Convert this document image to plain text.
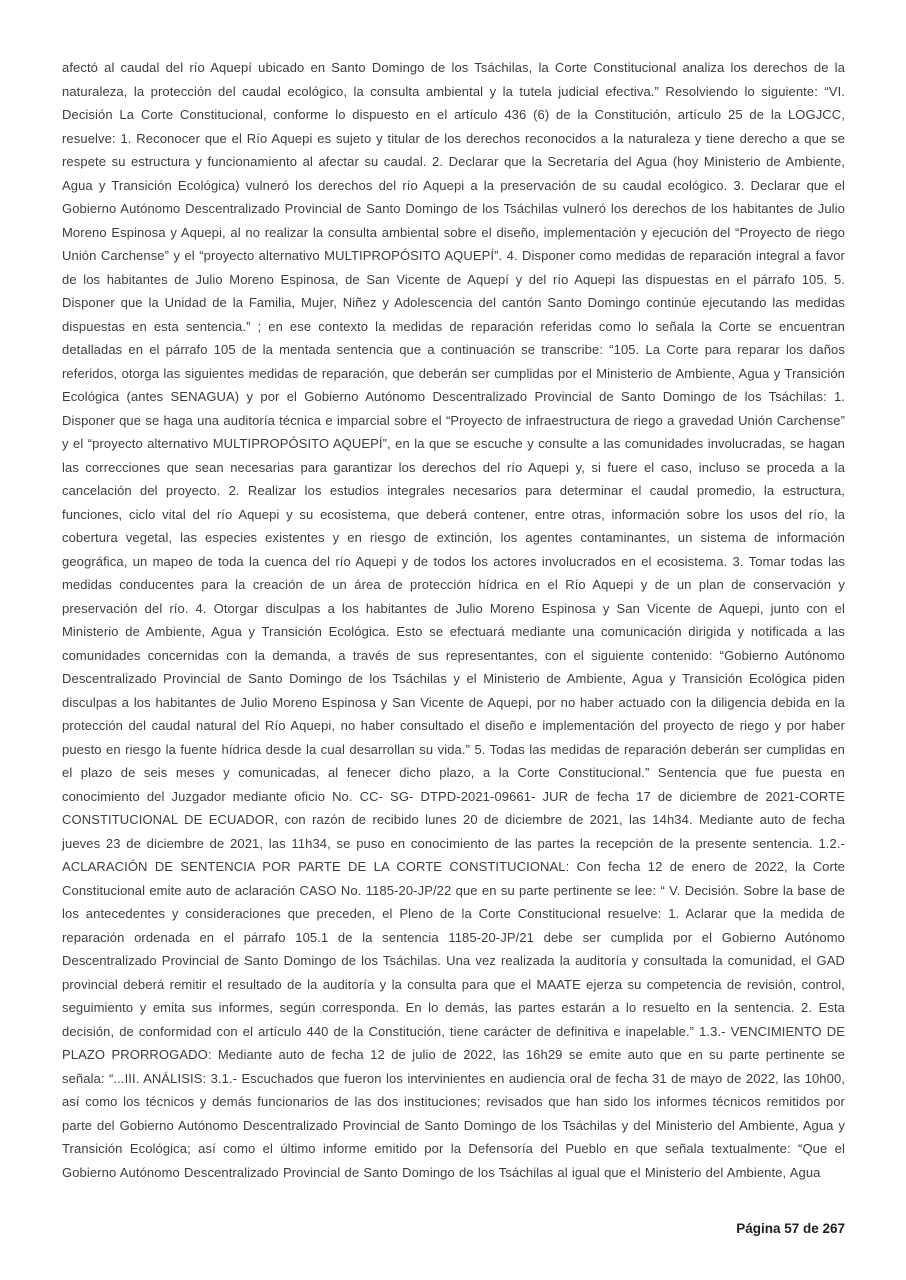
afectó al caudal del río Aquepí ubicado en Santo Domingo de los Tsáchilas, la Corte Constitucional analiza los derechos de la naturaleza, la protección del caudal ecológico, la consulta ambiental y la tutela judicial efectiva.” Resolviendo lo siguiente: “VI. Decisión La Corte Constitucional, conforme lo dispuesto en el artículo 436 (6) de la Constitución, artículo 25 de la LOGJCC, resuelve: 1. Reconocer que el Río Aquepi es sujeto y titular de los derechos reconocidos a la naturaleza y tiene derecho a que se respete su estructura y funcionamiento al afectar su caudal. 2. Declarar que la Secretaría del Agua (hoy Ministerio de Ambiente, Agua y Transición Ecológica) vulneró los derechos del río Aquepi a la preservación de su caudal ecológico. 3. Declarar que el Gobierno Autónomo Descentralizado Provincial de Santo Domingo de los Tsáchilas vulneró los derechos de los habitantes de Julio Moreno Espinosa y Aquepi, al no realizar la consulta ambiental sobre el diseño, implementación y ejecución del “Proyecto de riego Unión Carchense” y el “proyecto alternativo MULTIPROPÓSITO AQUEPÍ”. 4. Disponer como medidas de reparación integral a favor de los habitantes de Julio Moreno Espinosa, de San Vicente de Aquepí y del río Aquepi las dispuestas en el párrafo 105. 5. Disponer que la Unidad de la Familia, Mujer, Niñez y Adolescencia del cantón Santo Domingo continúe ejecutando las medidas dispuestas en esta sentencia.” ; en ese contexto la medidas de reparación referidas como lo señala la Corte se encuentran detalladas en el párrafo 105 de la mentada sentencia que a continuación se transcribe: “105. La Corte para reparar los daños referidos, otorga las siguientes medidas de reparación, que deberán ser cumplidas por el Ministerio de Ambiente, Agua y Transición Ecológica (antes SENAGUA) y por el Gobierno Autónomo Descentralizado Provincial de Santo Domingo de los Tsáchilas: 1. Disponer que se haga una auditoría técnica e imparcial sobre el “Proyecto de infraestructura de riego a gravedad Unión Carchense” y el “proyecto alternativo MULTIPROPÓSITO AQUEPÍ”, en la que se escuche y consulte a las comunidades involucradas, se hagan las correcciones que sean necesarias para garantizar los derechos del río Aquepi y, si fuere el caso, incluso se proceda a la cancelación del proyecto. 2. Realizar los estudios integrales necesarios para determinar el caudal promedio, la estructura, funciones, ciclo vital del río Aquepi y su ecosistema, que deberá contener, entre otras, información sobre los usos del río, la cobertura vegetal, las especies existentes y en riesgo de extinción, los agentes contaminantes, un sistema de información geográfica, un mapeo de toda la cuenca del río Aquepi y de todos los actores involucrados en el ecosistema. 3. Tomar todas las medidas conducentes para la creación de un área de protección hídrica en el Río Aquepi y de un plan de conservación y preservación del río. 4. Otorgar disculpas a los habitantes de Julio Moreno Espinosa y San Vicente de Aquepi, junto con el Ministerio de Ambiente, Agua y Transición Ecológica. Esto se efectuará mediante una comunicación dirigida y notificada a las comunidades concernidas con la demanda, a través de sus representantes, con el siguiente contenido: “Gobierno Autónomo Descentralizado Provincial de Santo Domingo de los Tsáchilas y el Ministerio de Ambiente, Agua y Transición Ecológica piden disculpas a los habitantes de Julio Moreno Espinosa y San Vicente de Aquepi, por no haber actuado con la diligencia debida en la protección del caudal natural del Río Aquepi, no haber consultado el diseño e implementación del proyecto de riego y por haber puesto en riesgo la fuente hídrica desde la cual desarrollan su vida.” 5. Todas las medidas de reparación deberán ser cumplidas en el plazo de seis meses y comunicadas, al fenecer dicho plazo, a la Corte Constitucional.” Sentencia que fue puesta en conocimiento del Juzgador mediante oficio No. CC- SG- DTPD-2021-09661- JUR de fecha 17 de diciembre de 2021-CORTE CONSTITUCIONAL DE ECUADOR, con razón de recibido lunes 20 de diciembre de 2021, las 14h34. Mediante auto de fecha jueves 23 de diciembre de 2021, las 11h34, se puso en conocimiento de las partes la recepción de la presente sentencia. 1.2.- ACLARACIÓN DE SENTENCIA POR PARTE DE LA CORTE CONSTITUCIONAL: Con fecha 12 de enero de 2022, la Corte Constitucional emite auto de aclaración CASO No. 1185-20-JP/22 que en su parte pertinente se lee: “ V. Decisión. Sobre la base de los antecedentes y consideraciones que preceden, el Pleno de la Corte Constitucional resuelve: 1. Aclarar que la medida de reparación ordenada en el párrafo 105.1 de la sentencia 1185-20-JP/21 debe ser cumplida por el Gobierno Autónomo Descentralizado Provincial de Santo Domingo de los Tsáchilas. Una vez realizada la auditoría y consultada la comunidad, el GAD provincial deberá remitir el resultado de la auditoría y la consulta para que el MAATE ejerza su competencia de revisión, control, seguimiento y emita sus informes, según corresponda. En lo demás, las partes estarán a lo resuelto en la sentencia. 2. Esta decisión, de conformidad con el artículo 440 de la Constitución, tiene carácter de definitiva e inapelable.” 1.3.- VENCIMIENTO DE PLAZO PRORROGADO: Mediante auto de fecha 12 de julio de 2022, las 16h29 se emite auto que en su parte pertinente se señala: “...III. ANÁLISIS: 3.1.- Escuchados que fueron los intervinientes en audiencia oral de fecha 31 de mayo de 2022, las 10h00, así como los técnicos y demás funcionarios de las dos instituciones; revisados que han sido los informes técnicos remitidos por parte del Gobierno Autónomo Descentralizado Provincial de Santo Domingo de los Tsáchilas y del Ministerio del Ambiente, Agua y Transición Ecológica; así como el último informe emitido por la Defensoría del Pueblo en que señala textualmente: “Que el Gobierno Autónomo Descentralizado Provincial de Santo Domingo de los Tsáchilas al igual que el Ministerio del Ambiente, Agua

Página 57 de 267
